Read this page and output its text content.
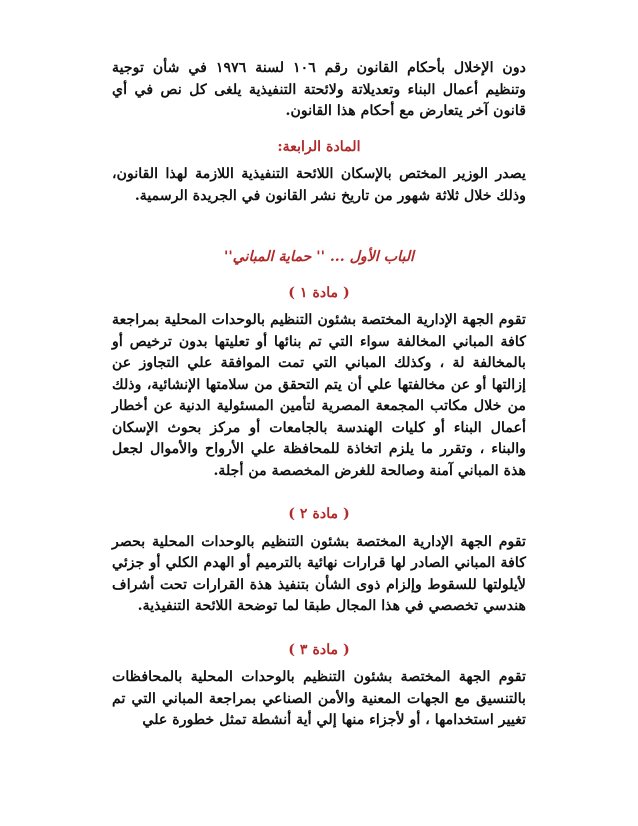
دون الإخلال بأحكام القانون رقم ١٠٦ لسنة ١٩٧٦ في شأن توجية وتنظيم أعمال البناء وتعديلاتة ولائحتة التنفيذية يلغى كل نص في أي قانون آخر يتعارض مع أحكام هذا القانون.

المادة الرابعة:

يصدر الوزير المختص بالإسكان اللائحة التنفيذية اللازمة لهذا القانون، وذلك خلال ثلاثة شهور من تاريخ نشر القانون في الجريدة الرسمية.

الباب الأول ... '' حماية المباني''

( مادة ١ )

تقوم الجهة الإدارية المختصة بشئون التنظيم بالوحدات المحلية بمراجعة كافة المباني المخالفة سواء التي تم بنائها أو تعليتها بدون ترخيص أو بالمخالفة لة ، وكذلك المباني التي تمت الموافقة علي التجاوز عن إزالتها أو عن مخالفتها علي أن يتم التحقق من سلامتها الإنشائية، وذلك من خلال مكاتب المجمعة المصرية لتأمين المسئولية الدنية عن أخطار أعمال البناء أو كليات الهندسة بالجامعات أو مركز بحوث الإسكان والبناء ، وتقرر ما يلزم اتخاذة للمحافظة علي الأرواح والأموال لجعل هذة المباني آمنة وصالحة للغرض المخصصة من أجلة.

( مادة ٢ )

تقوم الجهة الإدارية المختصة بشئون التنظيم بالوحدات المحلية بحصر كافة المباني الصادر لها قرارات نهائية بالترميم أو الهدم الكلي أو جزئي لأيلولتها للسقوط وإلزام ذوى الشأن بتنفيذ هذة القرارات تحت أشراف هندسي تخصصي في هذا المجال طبقا لما توضحة اللائحة التنفيذية.

( مادة ٣ )

تقوم الجهة المختصة بشئون التنظيم بالوحدات المحلية بالمحافظات بالتنسيق مع الجهات المعنية والأمن الصناعي بمراجعة المباني التي تم تغيير استخدامها ، أو لأجزاء منها إلي أية أنشطة تمثل خطورة علي
